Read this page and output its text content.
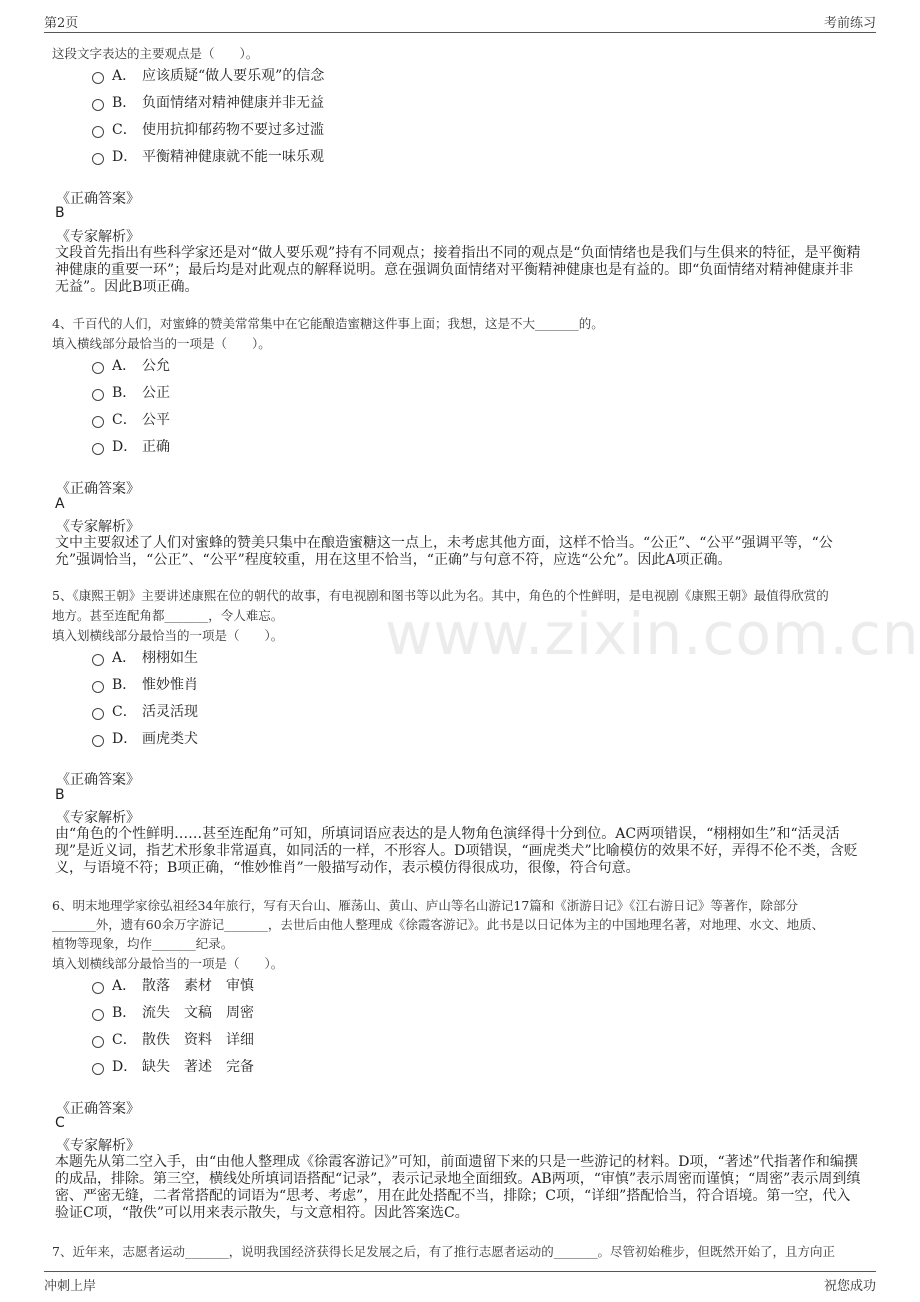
第2页	考前练习
www.zixin.com.cn
这段文字表达的主要观点是（　　）。
A． 应该质疑“做人要乐观”的信念
B． 负面情绪对精神健康并非无益
C． 使用抗抑郁药物不要过多过滥
D． 平衡精神健康就不能一味乐观
《正确答案》
B
《专家解析》
文段首先指出有些科学家还是对“做人要乐观”持有不同观点；接着指出不同的观点是“负面情绪也是我们与生俱来的特征，是平衡精神健康的重要一环”；最后均是对此观点的解释说明。意在强调负面情绪对平衡精神健康也是有益的。即“负面情绪对精神健康并非无益”。因此B项正确。
4、千百代的人们，对蜜蜂的赞美常常集中在它能酿造蜜糖这件事上面；我想，这是不大_______的。
填入横线部分最恰当的一项是（　　）。
A． 公允
B． 公正
C． 公平
D． 正确
《正确答案》
A
《专家解析》
文中主要叙述了人们对蜜蜂的赞美只集中在酿造蜜糖这一点上，未考虑其他方面，这样不恰当。“公正”、“公平”强调平等，“公允”强调恰当，“公正”、“公平”程度较重，用在这里不恰当，“正确”与句意不符，应选“公允”。因此A项正确。
5、《康熙王朝》主要讲述康熙在位的朝代的故事，有电视剧和图书等以此为名。其中，角色的个性鲜明，是电视剧《康熙王朝》最值得欣赏的
地方。甚至连配角都_______，令人难忘。
填入划横线部分最恰当的一项是（　　）。
A． 栩栩如生
B． 惟妙惟肖
C． 活灵活现
D． 画虎类犬
《正确答案》
B
《专家解析》
由“角色的个性鲜明……甚至连配角”可知，所填词语应表达的是人物角色演绎得十分到位。AC两项错误，“栩栩如生”和“活灵活现”是近义词，指艺术形象非常逼真，如同活的一样，不形容人。D项错误，“画虎类犬”比喻模仿的效果不好，弄得不伦不类，含贬义，与语境不符；B项正确，“惟妙惟肖”一般描写动作，表示模仿得很成功，很像，符合句意。
6、明末地理学家徐弘祖经34年旅行，写有天台山、雁荡山、黄山、庐山等名山游记17篇和《浙游日记》《江右游日记》等著作，除部分
_______外，遗有60余万字游记_______，去世后由他人整理成《徐霞客游记》。此书是以日记体为主的中国地理名著，对地理、水文、地质、
植物等现象，均作_______纪录。
填入划横线部分最恰当的一项是（　　）。
A． 散落　素材　审慎
B． 流失　文稿　周密
C． 散佚　资料　详细
D． 缺失　著述　完备
《正确答案》
C
《专家解析》
本题先从第二空入手，由“由他人整理成《徐霞客游记》”可知，前面遗留下来的只是一些游记的材料。D项，“著述”代指著作和编撰的成品，排除。第三空，横线处所填词语搭配“记录”，表示记录地全面细致。AB两项，“审慎”表示周密而谨慎；“周密”表示周到缜密、严密无缝，二者常搭配的词语为“思考、考虑”，用在此处搭配不当，排除；C项，“详细”搭配恰当，符合语境。第一空，代入验证C项，“散佚”可以用来表示散失，与文意相符。因此答案选C。
7、近年来，志愿者运动_______，说明我国经济获得长足发展之后，有了推行志愿者运动的_______。尽管初始稚步，但既然开始了，且方向正
冲刺上岸	祝您成功
